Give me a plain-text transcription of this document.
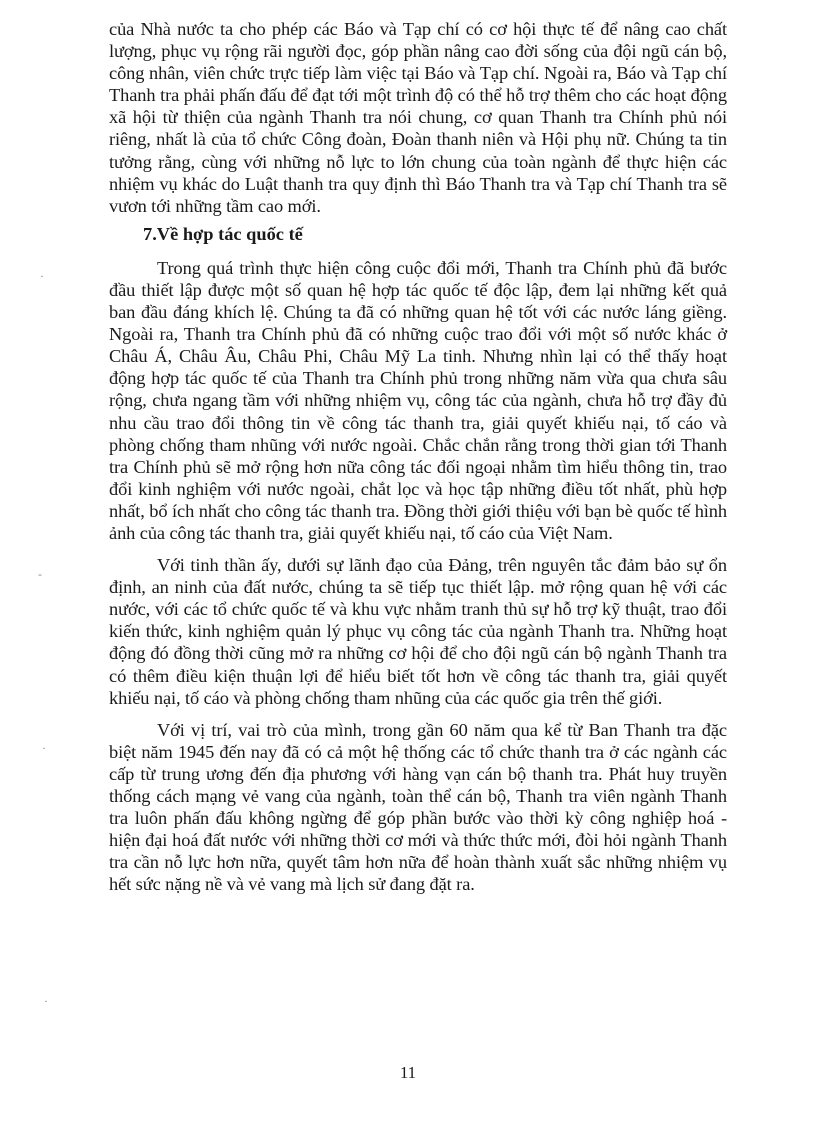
của Nhà nước ta cho phép các Báo và Tạp chí có cơ hội thực tế để nâng cao chất lượng, phục vụ rộng rãi người đọc, góp phần nâng cao đời sống của đội ngũ cán bộ, công nhân, viên chức trực tiếp làm việc tại Báo và Tạp chí. Ngoài ra, Báo và Tạp chí Thanh tra phải phấn đấu để đạt tới một trình độ có thể hỗ trợ thêm cho các hoạt động xã hội từ thiện của ngành Thanh tra nói chung, cơ quan Thanh tra Chính phủ nói riêng, nhất là của tổ chức Công đoàn, Đoàn thanh niên và Hội phụ nữ. Chúng ta tin tưởng rằng, cùng với những nỗ lực to lớn chung của toàn ngành để thực hiện các nhiệm vụ khác do Luật thanh tra quy định thì Báo Thanh tra và Tạp chí Thanh tra sẽ vươn tới những tầm cao mới.

7.Về hợp tác quốc tế

Trong quá trình thực hiện công cuộc đổi mới, Thanh tra Chính phủ đã bước đầu thiết lập được một số quan hệ hợp tác quốc tế độc lập, đem lại những kết quả ban đầu đáng khích lệ. Chúng ta đã có những quan hệ tốt với các nước láng giềng. Ngoài ra, Thanh tra Chính phủ đã có những cuộc trao đổi với một số nước khác ở Châu Á, Châu Âu, Châu Phi, Châu Mỹ La tinh. Nhưng nhìn lại có thể thấy hoạt động hợp tác quốc tế của Thanh tra Chính phủ trong những năm vừa qua chưa sâu rộng, chưa ngang tầm với những nhiệm vụ, công tác của ngành, chưa hỗ trợ đầy đủ nhu cầu trao đổi thông tin về công tác thanh tra, giải quyết khiếu nại, tố cáo và phòng chống tham nhũng với nước ngoài. Chắc chắn rằng trong thời gian tới Thanh tra Chính phủ sẽ mở rộng hơn nữa công tác đối ngoại nhằm tìm hiểu thông tin, trao đổi kinh nghiệm với nước ngoài, chắt lọc và học tập những điều tốt nhất, phù hợp nhất, bổ ích nhất cho công tác thanh tra. Đồng thời giới thiệu với bạn bè quốc tế hình ảnh của công tác thanh tra, giải quyết khiếu nại, tố cáo của Việt Nam.

Với tinh thần ấy, dưới sự lãnh đạo của Đảng, trên nguyên tắc đảm bảo sự ổn định, an ninh của đất nước, chúng ta sẽ tiếp tục thiết lập. mở rộng quan hệ với các nước, với các tổ chức quốc tế và khu vực nhằm tranh thủ sự hỗ trợ kỹ thuật, trao đổi kiến thức, kinh nghiệm quản lý phục vụ công tác của ngành Thanh tra. Những hoạt động đó đồng thời cũng mở ra những cơ hội để cho đội ngũ cán bộ ngành Thanh tra có thêm điều kiện thuận lợi để hiểu biết tốt hơn về công tác thanh tra, giải quyết khiếu nại, tố cáo và phòng chống tham nhũng của các quốc gia trên thế giới.

Với vị trí, vai trò của mình, trong gần 60 năm qua kể từ Ban Thanh tra đặc biệt năm 1945 đến nay đã có cả một hệ thống các tổ chức thanh tra ở các ngành các cấp từ trung ương đến địa phương với hàng vạn cán bộ thanh tra. Phát huy truyền thống cách mạng vẻ vang của ngành, toàn thể cán bộ, Thanh tra viên ngành Thanh tra luôn phấn đấu không ngừng để góp phần bước vào thời kỳ công nghiệp hoá - hiện đại hoá đất nước với những thời cơ mới và thức thức mới, đòi hỏi ngành Thanh tra cần nỗ lực hơn nữa, quyết tâm hơn nữa để hoàn thành xuất sắc những nhiệm vụ hết sức nặng nề và vẻ vang mà lịch sử đang đặt ra.

11
·
-
·
·
